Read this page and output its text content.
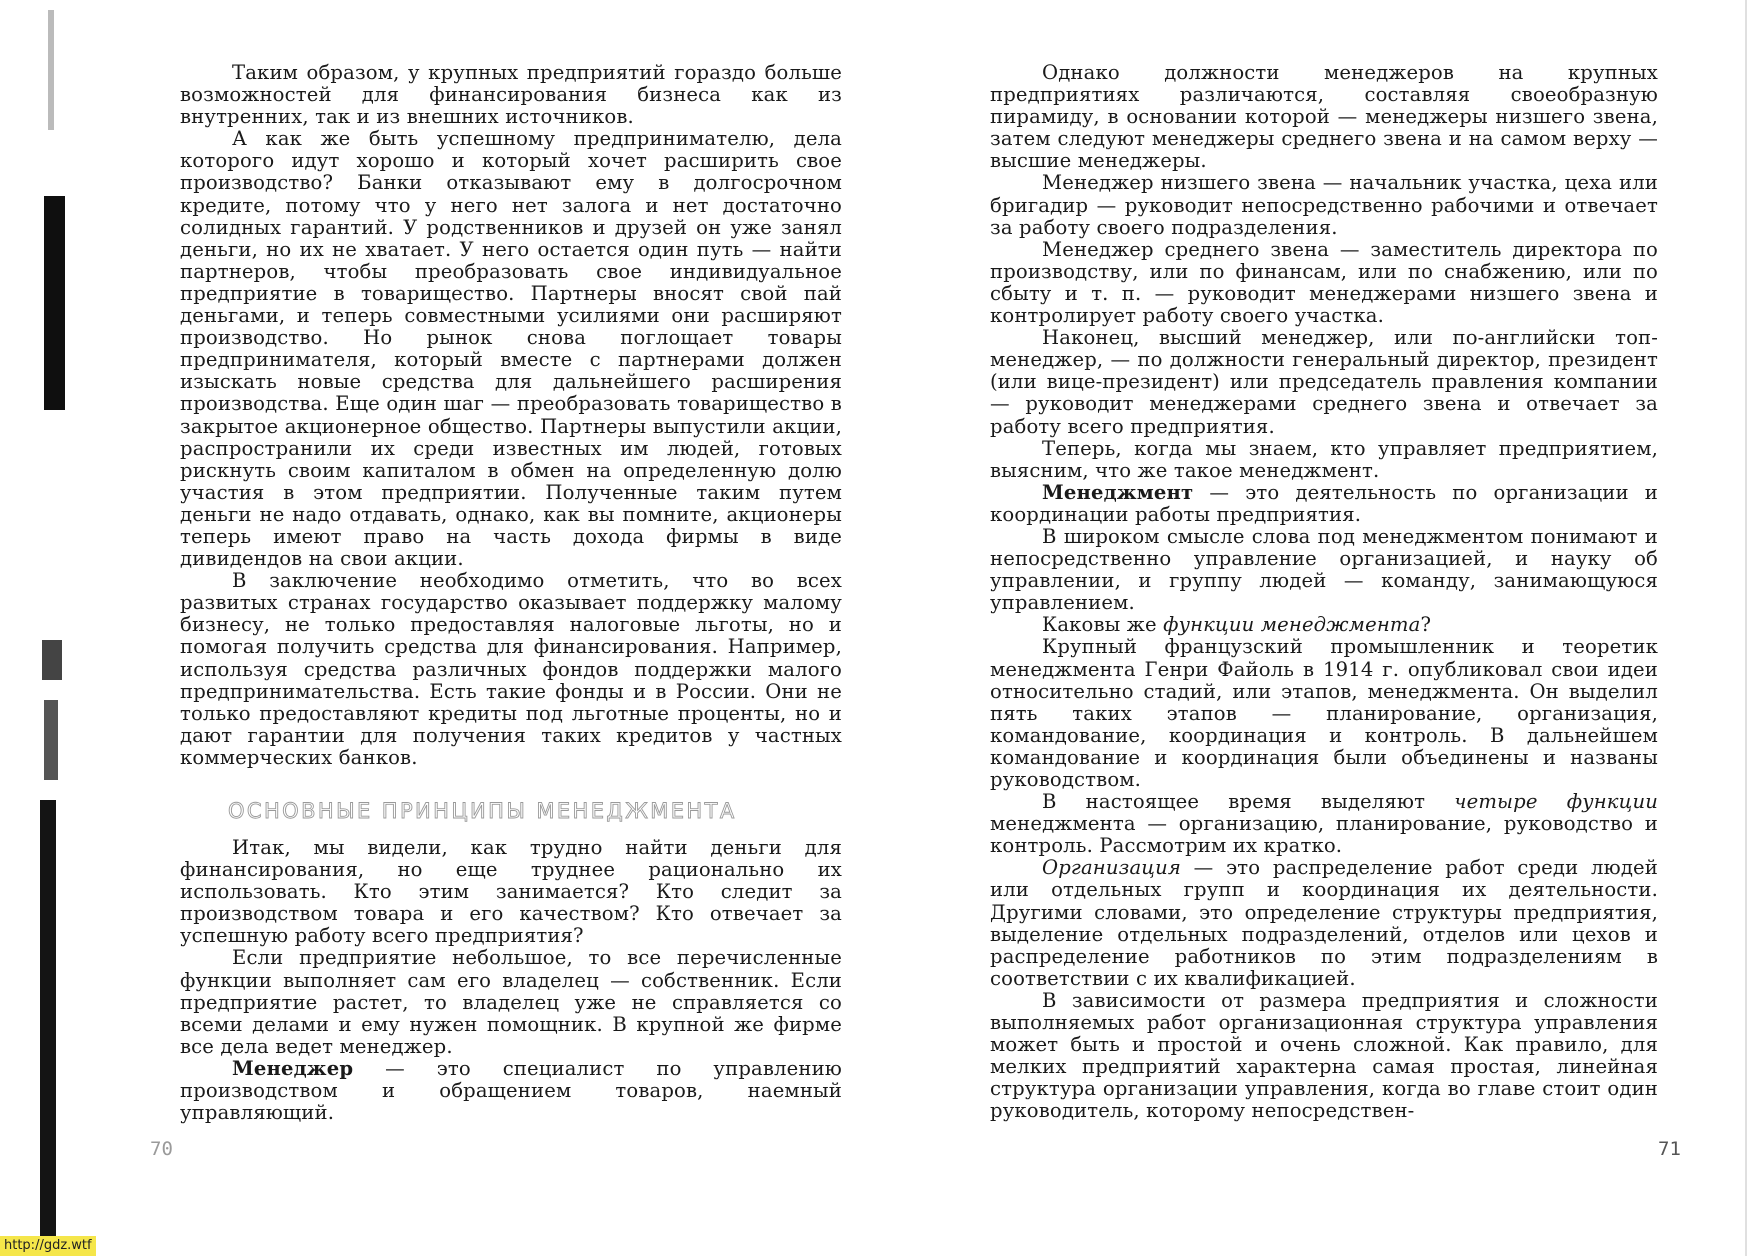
Таким образом, у крупных предприятий гораздо больше возможностей для финансирования бизнеса как из внутренних, так и из внешних источников.

А как же быть успешному предпринимателю, дела которого идут хорошо и который хочет расширить свое производство? Банки отказывают ему в долгосрочном кредите, потому что у него нет залога и нет достаточно солидных гарантий. У родственников и друзей он уже занял деньги, но их не хватает. У него остается один путь — найти партнеров, чтобы преобразовать свое индивидуальное предприятие в товарищество. Партнеры вносят свой пай деньгами, и теперь совместными усилиями они расширяют производство. Но рынок снова поглощает товары предпринимателя, который вместе с партнерами должен изыскать новые средства для дальнейшего расширения производства. Еще один шаг — преобразовать товарищество в закрытое акционерное общество. Партнеры выпустили акции, распространили их среди известных им людей, готовых рискнуть своим капиталом в обмен на определенную долю участия в этом предприятии. Полученные таким путем деньги не надо отдавать, однако, как вы помните, акционеры теперь имеют право на часть дохода фирмы в виде дивидендов на свои акции.

В заключение необходимо отметить, что во всех развитых странах государство оказывает поддержку малому бизнесу, не только предоставляя налоговые льготы, но и помогая получить средства для финансирования. Например, используя средства различных фондов поддержки малого предпринимательства. Есть такие фонды и в России. Они не только предоставляют кредиты под льготные проценты, но и дают гарантии для получения таких кредитов у частных коммерческих банков.

ОСНОВНЫЕ ПРИНЦИПЫ МЕНЕДЖМЕНТА

Итак, мы видели, как трудно найти деньги для финансирования, но еще труднее рационально их использовать. Кто этим занимается? Кто следит за производством товара и его качеством? Кто отвечает за успешную работу всего предприятия?

Если предприятие небольшое, то все перечисленные функции выполняет сам его владелец — собственник. Если предприятие растет, то владелец уже не справляется со всеми делами и ему нужен помощник. В крупной же фирме все дела ведет менеджер.

Менеджер — это специалист по управлению производством и обращением товаров, наемный управляющий.

70

Однако должности менеджеров на крупных предприятиях различаются, составляя своеобразную пирамиду, в основании которой — менеджеры низшего звена, затем следуют менеджеры среднего звена и на самом верху — высшие менеджеры.

Менеджер низшего звена — начальник участка, цеха или бригадир — руководит непосредственно рабочими и отвечает за работу своего подразделения.

Менеджер среднего звена — заместитель директора по производству, или по финансам, или по снабжению, или по сбыту и т. п. — руководит менеджерами низшего звена и контролирует работу своего участка.

Наконец, высший менеджер, или по-английски топ-менеджер, — по должности генеральный директор, президент (или вице-президент) или председатель правления компании — руководит менеджерами среднего звена и отвечает за работу всего предприятия.

Теперь, когда мы знаем, кто управляет предприятием, выясним, что же такое менеджмент.

Менеджмент — это деятельность по организации и координации работы предприятия.

В широком смысле слова под менеджментом понимают и непосредственно управление организацией, и науку об управлении, и группу людей — команду, занимающуюся управлением.

Каковы же функции менеджмента?

Крупный французский промышленник и теоретик менеджмента Генри Файоль в 1914 г. опубликовал свои идеи относительно стадий, или этапов, менеджмента. Он выделил пять таких этапов — планирование, организация, командование, координация и контроль. В дальнейшем командование и координация были объединены и названы руководством.

В настоящее время выделяют четыре функции менеджмента — организацию, планирование, руководство и контроль. Рассмотрим их кратко.

Организация — это распределение работ среди людей или отдельных групп и координация их деятельности. Другими словами, это определение структуры предприятия, выделение отдельных подразделений, отделов или цехов и распределение работников по этим подразделениям в соответствии с их квалификацией.

В зависимости от размера предприятия и сложности выполняемых работ организационная структура управления может быть и простой и очень сложной. Как правило, для мелких предприятий характерна самая простая, линейная структура организации управления, когда во главе стоит один руководитель, которому непосредствен-

71
http://gdz.wtf
